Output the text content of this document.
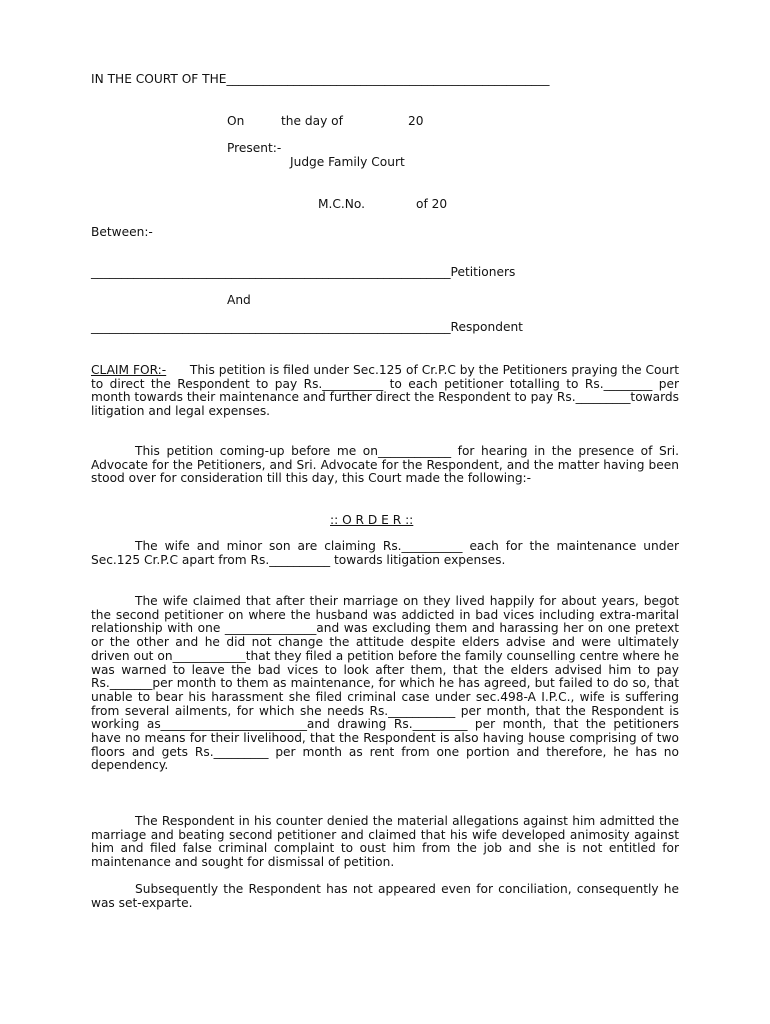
IN THE COURT OF THE_____________________________________________________
On	the day of	20
Present:-
Judge Family Court
M.C.No.	of 20
Between:-
___________________________________________________________Petitioners
And
___________________________________________________________Respondent

CLAIM FOR:- This petition is filed under Sec.125 of Cr.P.C by the Petitioners praying the Court to direct the Respondent to pay Rs.__________ to each petitioner totalling to Rs.________ per month towards their maintenance and further direct the Respondent to pay Rs._________towards litigation and legal expenses.

This petition coming-up before me on____________ for hearing in the presence of Sri. Advocate for the Petitioners, and Sri. Advocate for the Respondent, and the matter having been stood over for consideration till this day, this Court made the following:-

:: O R D E R ::

The wife and minor son are claiming Rs.__________ each for the maintenance under Sec.125 Cr.P.C apart from Rs.__________ towards litigation expenses.

The wife claimed that after their marriage on they lived happily for about years, begot the second petitioner on where the husband was addicted in bad vices including extra-marital relationship with one _______________and was excluding them and harassing her on one pretext or the other and he did not change the attitude despite elders advise and were ultimately driven out on____________that they filed a petition before the family counselling centre where he was warned to leave the bad vices to look after them, that the elders advised him to pay Rs._______per month to them as maintenance, for which he has agreed, but failed to do so, that unable to bear his harassment she filed criminal case under sec.498-A I.P.C., wife is suffering from several ailments, for which she needs Rs.___________ per month, that the Respondent is working as________________________and drawing Rs._________ per month, that the petitioners have no means for their livelihood, that the Respondent is also having house comprising of two floors and gets Rs._________ per month as rent from one portion and therefore, he has no dependency.

The Respondent in his counter denied the material allegations against him admitted the marriage and beating second petitioner and claimed that his wife developed animosity against him and filed false criminal complaint to oust him from the job and she is not entitled for maintenance and sought for dismissal of petition.

Subsequently the Respondent has not appeared even for conciliation, consequently he was set-exparte.
